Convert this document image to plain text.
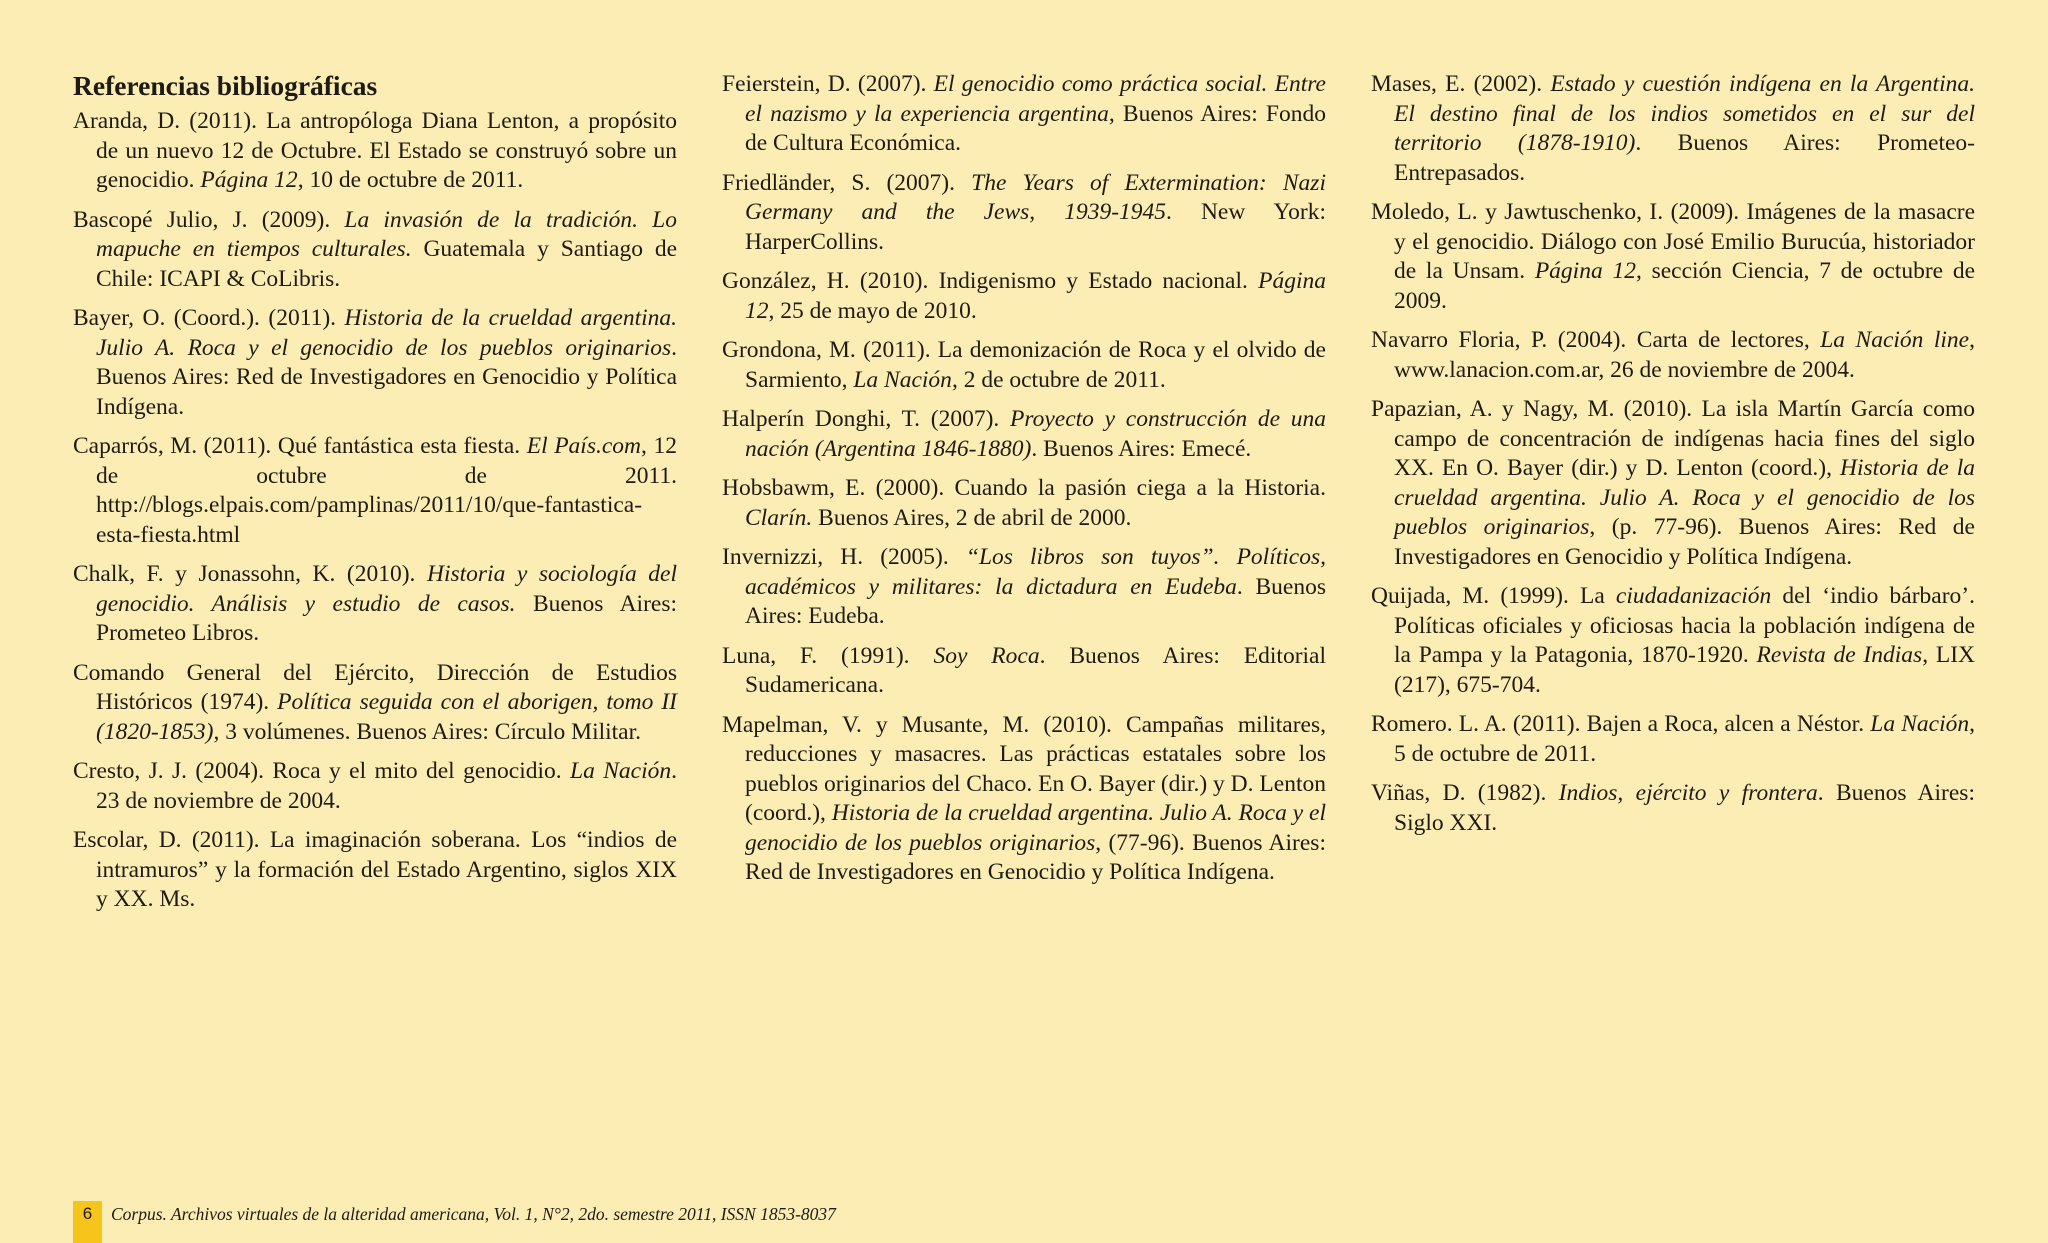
Referencias bibliográficas

Aranda, D. (2011). La antropóloga Diana Lenton, a propósito de un nuevo 12 de Octubre. El Estado se construyó sobre un genocidio. Página 12, 10 de octubre de 2011.

Bascopé Julio, J. (2009). La invasión de la tradición. Lo mapuche en tiempos culturales. Guatemala y Santiago de Chile: ICAPI & CoLibris.

Bayer, O. (Coord.). (2011). Historia de la crueldad argentina. Julio A. Roca y el genocidio de los pueblos originarios. Buenos Aires: Red de Investigadores en Genocidio y Política Indígena.

Caparrós, M. (2011). Qué fantástica esta fiesta. El País.com, 12 de octubre de 2011. http://blogs.elpais.com/pamplinas/2011/10/que-fantastica-esta-fiesta.html

Chalk, F. y Jonassohn, K. (2010). Historia y sociología del genocidio. Análisis y estudio de casos. Buenos Aires: Prometeo Libros.

Comando General del Ejército, Dirección de Estudios Históricos (1974). Política seguida con el aborigen, tomo II (1820-1853), 3 volúmenes. Buenos Aires: Círculo Militar.

Cresto, J. J. (2004). Roca y el mito del genocidio. La Nación. 23 de noviembre de 2004.

Escolar, D. (2011). La imaginación soberana. Los “indios de intramuros” y la formación del Estado Argentino, siglos XIX y XX. Ms.

Feierstein, D. (2007). El genocidio como práctica social. Entre el nazismo y la experiencia argentina, Buenos Aires: Fondo de Cultura Económica.

Friedländer, S. (2007). The Years of Extermination: Nazi Germany and the Jews, 1939-1945. New York: HarperCollins.

González, H. (2010). Indigenismo y Estado nacional. Página 12, 25 de mayo de 2010.

Grondona, M. (2011). La demonización de Roca y el olvido de Sarmiento, La Nación, 2 de octubre de 2011.

Halperín Donghi, T. (2007). Proyecto y construcción de una nación (Argentina 1846-1880). Buenos Aires: Emecé.

Hobsbawm, E. (2000). Cuando la pasión ciega a la Historia. Clarín. Buenos Aires, 2 de abril de 2000.

Invernizzi, H. (2005). “Los libros son tuyos”. Políticos, académicos y militares: la dictadura en Eudeba. Buenos Aires: Eudeba.

Luna, F. (1991). Soy Roca. Buenos Aires: Editorial Sudamericana.

Mapelman, V. y Musante, M. (2010). Campañas militares, reducciones y masacres. Las prácticas estatales sobre los pueblos originarios del Chaco. En O. Bayer (dir.) y D. Lenton (coord.), Historia de la crueldad argentina. Julio A. Roca y el genocidio de los pueblos originarios, (77-96). Buenos Aires: Red de Investigadores en Genocidio y Política Indígena.

Mases, E. (2002). Estado y cuestión indígena en la Argentina. El destino final de los indios sometidos en el sur del territorio (1878-1910). Buenos Aires: Prometeo-Entrepasados.

Moledo, L. y Jawtuschenko, I. (2009). Imágenes de la masacre y el genocidio. Diálogo con José Emilio Burucúa, historiador de la Unsam. Página 12, sección Ciencia, 7 de octubre de 2009.

Navarro Floria, P. (2004). Carta de lectores, La Nación line, www.lanacion.com.ar, 26 de noviembre de 2004.

Papazian, A. y Nagy, M. (2010). La isla Martín García como campo de concentración de indígenas hacia fines del siglo XX. En O. Bayer (dir.) y D. Lenton (coord.), Historia de la crueldad argentina. Julio A. Roca y el genocidio de los pueblos originarios, (p. 77-96). Buenos Aires: Red de Investigadores en Genocidio y Política Indígena.

Quijada, M. (1999). La ciudadanización del ‘indio bárbaro’. Políticas oficiales y oficiosas hacia la población indígena de la Pampa y la Patagonia, 1870-1920. Revista de Indias, LIX (217), 675-704.

Romero. L. A. (2011). Bajen a Roca, alcen a Néstor. La Nación, 5 de octubre de 2011.

Viñas, D. (1982). Indios, ejército y frontera. Buenos Aires: Siglo XXI.

6	Corpus. Archivos virtuales de la alteridad americana, Vol. 1, N°2, 2do. semestre 2011, ISSN 1853-8037
